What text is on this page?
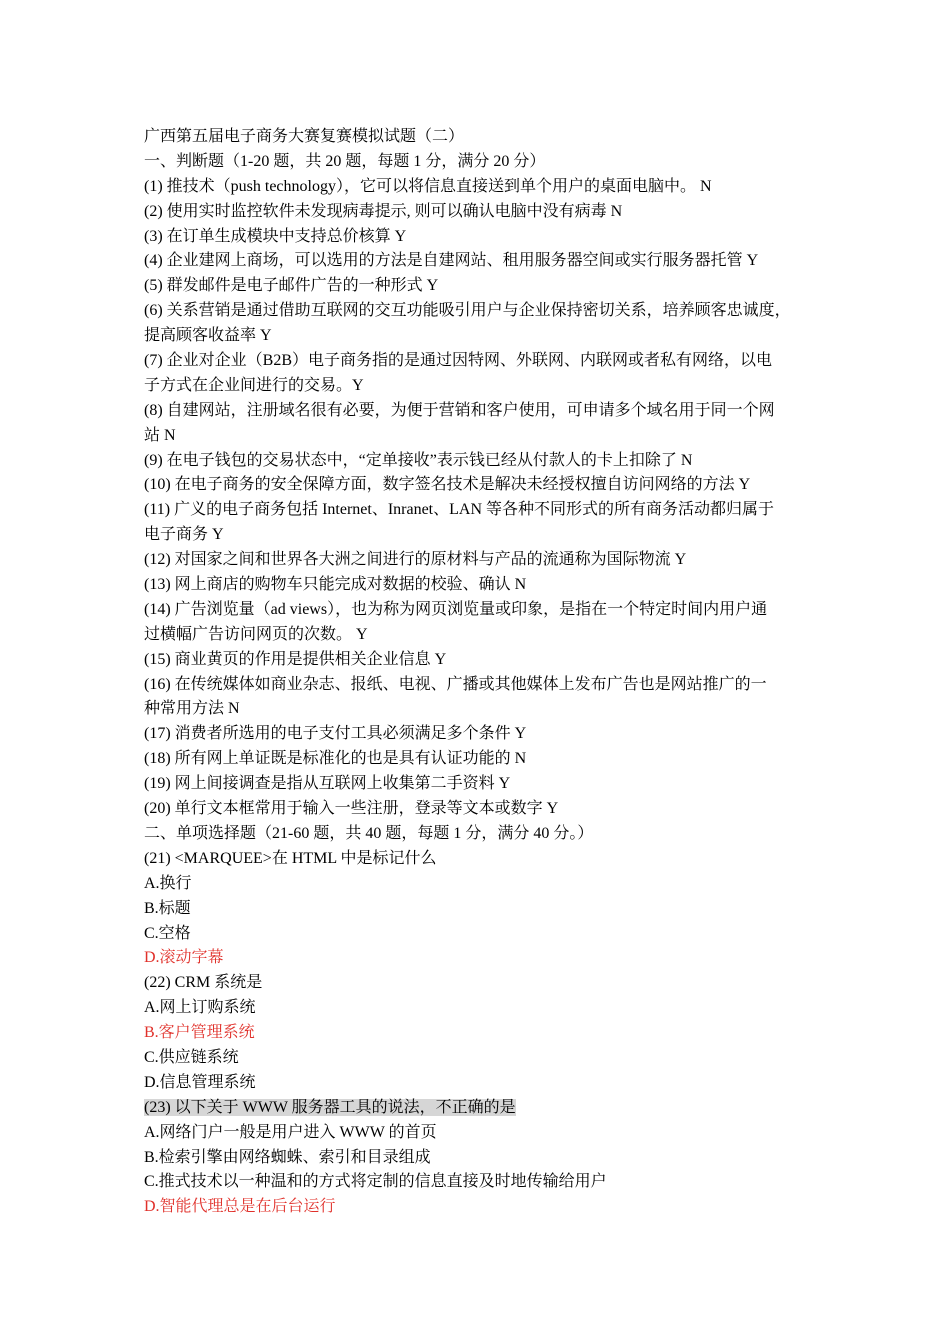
广西第五届电子商务大赛复赛模拟试题（二）
一、判断题（1-20 题，共 20 题，每题 1 分，满分 20 分）
(1) 推技术（push technology），它可以将信息直接送到单个用户的桌面电脑中。 N
(2) 使用实时监控软件未发现病毒提示, 则可以确认电脑中没有病毒 N
(3) 在订单生成模块中支持总价核算 Y
(4) 企业建网上商场，可以选用的方法是自建网站、租用服务器空间或实行服务器托管 Y
(5) 群发邮件是电子邮件广告的一种形式 Y
(6) 关系营销是通过借助互联网的交互功能吸引用户与企业保持密切关系，培养顾客忠诚度，
提高顾客收益率 Y
(7) 企业对企业（B2B）电子商务指的是通过因特网、外联网、内联网或者私有网络，以电
子方式在企业间进行的交易。Y
(8) 自建网站，注册域名很有必要，为便于营销和客户使用，可申请多个域名用于同一个网
站 N
(9) 在电子钱包的交易状态中，“定单接收”表示钱已经从付款人的卡上扣除了 N
(10) 在电子商务的安全保障方面，数字签名技术是解决未经授权擅自访问网络的方法 Y
(11) 广义的电子商务包括 Internet、Inranet、LAN 等各种不同形式的所有商务活动都归属于
电子商务 Y
(12) 对国家之间和世界各大洲之间进行的原材料与产品的流通称为国际物流 Y
(13) 网上商店的购物车只能完成对数据的校验、确认 N
(14) 广告浏览量（ad views），也为称为网页浏览量或印象，是指在一个特定时间内用户通
过横幅广告访问网页的次数。 Y
(15) 商业黄页的作用是提供相关企业信息 Y
(16) 在传统媒体如商业杂志、报纸、电视、广播或其他媒体上发布广告也是网站推广的一
种常用方法 N
(17) 消费者所选用的电子支付工具必须满足多个条件 Y
(18) 所有网上单证既是标准化的也是具有认证功能的 N
(19) 网上间接调查是指从互联网上收集第二手资料 Y
(20) 单行文本框常用于输入一些注册，登录等文本或数字 Y
二、单项选择题（21-60 题，共 40 题，每题 1 分，满分 40 分。）
(21) <MARQUEE>在 HTML 中是标记什么
A.换行
B.标题
C.空格
D.滚动字幕
(22) CRM 系统是
A.网上订购系统
B.客户管理系统
C.供应链系统
D.信息管理系统
(23) 以下关于 WWW 服务器工具的说法，不正确的是
A.网络门户一般是用户进入 WWW 的首页
B.检索引擎由网络蜘蛛、索引和目录组成
C.推式技术以一种温和的方式将定制的信息直接及时地传输给用户
D.智能代理总是在后台运行
